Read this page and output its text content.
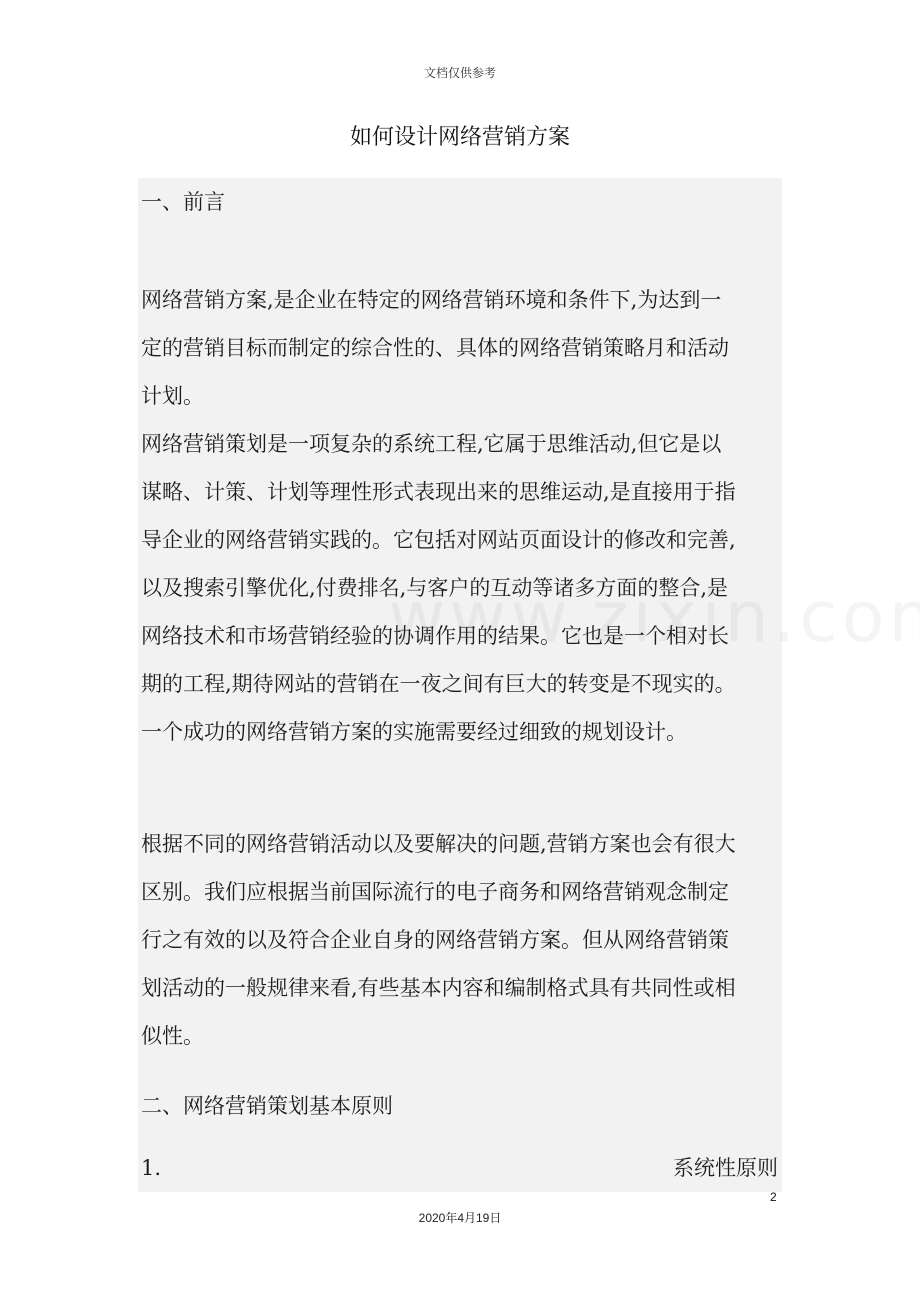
文档仅供参考
如何设计网络营销方案
一、前言
网络营销方案,是企业在特定的网络营销环境和条件下,为达到一
定的营销目标而制定的综合性的、具体的网络营销策略月和活动
计划。
网络营销策划是一项复杂的系统工程,它属于思维活动,但它是以
谋略、计策、计划等理性形式表现出来的思维运动,是直接用于指
导企业的网络营销实践的。它包括对网站页面设计的修改和完善,
以及搜索引擎优化,付费排名,与客户的互动等诸多方面的整合,是
网络技术和市场营销经验的协调作用的结果。它也是一个相对长
期的工程,期待网站的营销在一夜之间有巨大的转变是不现实的。
一个成功的网络营销方案的实施需要经过细致的规划设计。
根据不同的网络营销活动以及要解决的问题,营销方案也会有很大
区别。我们应根据当前国际流行的电子商务和网络营销观念制定
行之有效的以及符合企业自身的网络营销方案。但从网络营销策
划活动的一般规律来看,有些基本内容和编制格式具有共同性或相
似性。
二、网络营销策划基本原则
1.	系统性原则
2
2020年4月19日
